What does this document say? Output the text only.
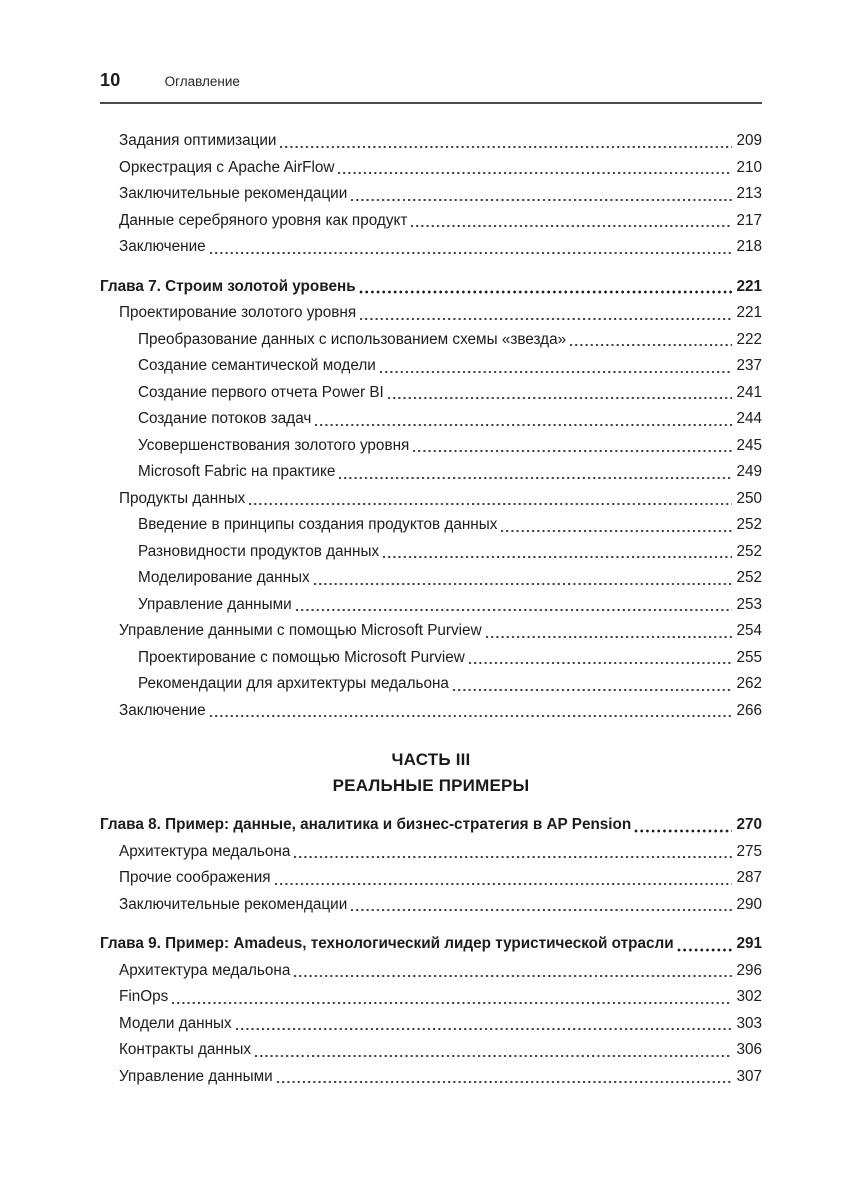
10	Оглавление
Задания оптимизации	209
Оркестрация с Apache AirFlow	210
Заключительные рекомендации	213
Данные серебряного уровня как продукт	217
Заключение	218
Глава 7. Строим золотой уровень	221
Проектирование золотого уровня	221
Преобразование данных с использованием схемы «звезда»	222
Создание семантической модели	237
Создание первого отчета Power BI	241
Создание потоков задач	244
Усовершенствования золотого уровня	245
Microsoft Fabric на практике	249
Продукты данных	250
Введение в принципы создания продуктов данных	252
Разновидности продуктов данных	252
Моделирование данных	252
Управление данными	253
Управление данными с помощью Microsoft Purview	254
Проектирование с помощью Microsoft Purview	255
Рекомендации для архитектуры медальона	262
Заключение	266
ЧАСТЬ III
РЕАЛЬНЫЕ ПРИМЕРЫ
Глава 8. Пример: данные, аналитика и бизнес-стратегия в AP Pension	270
Архитектура медальона	275
Прочие соображения	287
Заключительные рекомендации	290
Глава 9. Пример: Amadeus, технологический лидер туристической отрасли	291
Архитектура медальона	296
FinOps	302
Модели данных	303
Контракты данных	306
Управление данными	307
